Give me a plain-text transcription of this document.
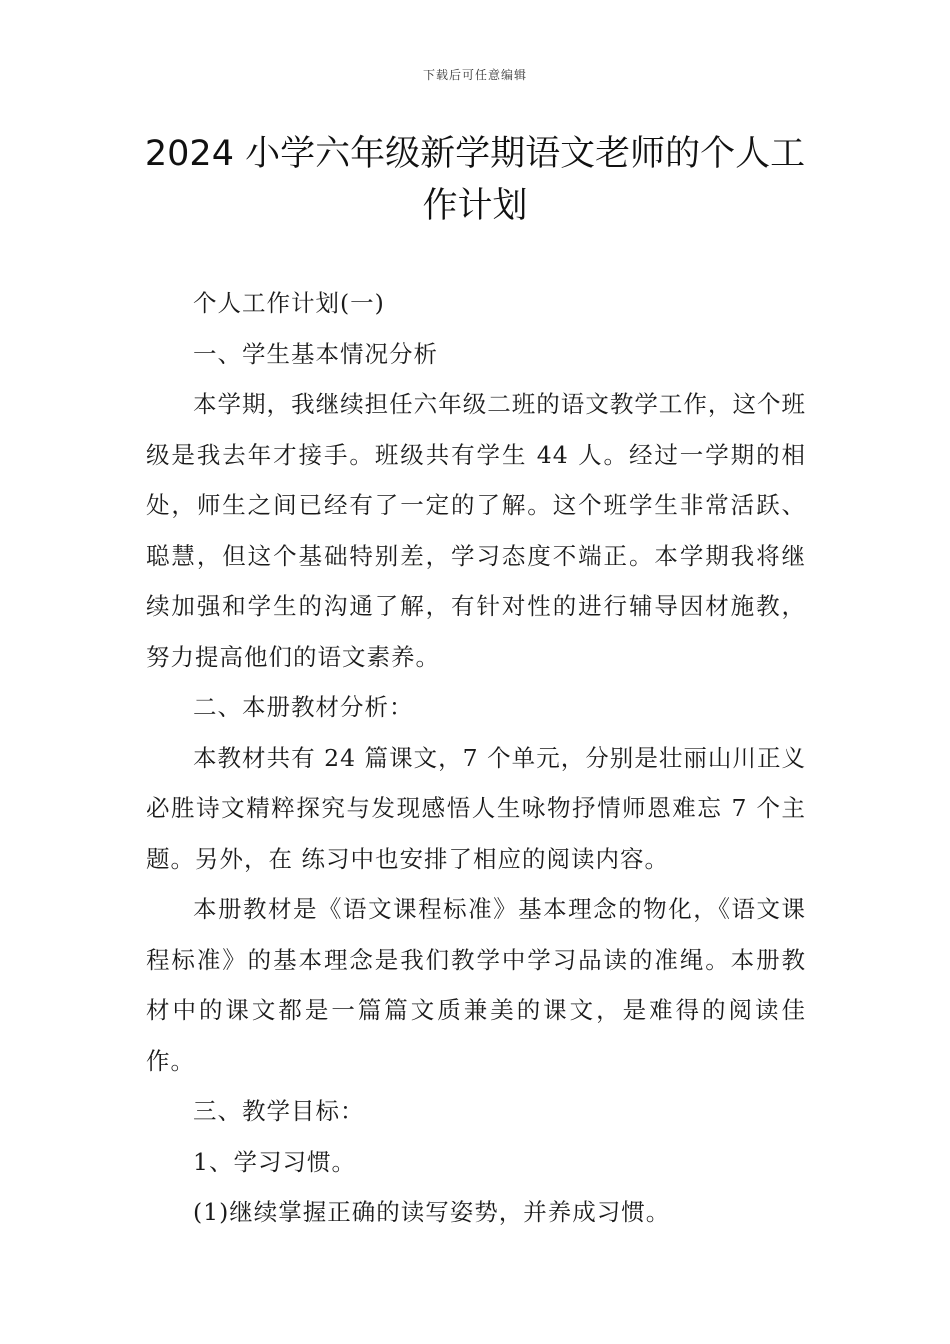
下载后可任意编辑
2024 小学六年级新学期语文老师的个人工
作计划

个人工作计划(一)

一、学生基本情况分析

本学期，我继续担任六年级二班的语文教学工作，这个班级是我去年才接手。班级共有学生 44 人。经过一学期的相处，师生之间已经有了一定的了解。这个班学生非常活跃、聪慧，但这个基础特别差，学习态度不端正。本学期我将继续加强和学生的沟通了解，有针对性的进行辅导因材施教，努力提高他们的语文素养。

二、本册教材分析：

本教材共有 24 篇课文，7 个单元，分别是壮丽山川正义必胜诗文精粹探究与发现感悟人生咏物抒情师恩难忘 7 个主题。另外，在 练习中也安排了相应的阅读内容。

本册教材是《语文课程标准》基本理念的物化，《语文课程标准》的基本理念是我们教学中学习品读的准绳。本册教材中的课文都是一篇篇文质兼美的课文，是难得的阅读佳作。

三、教学目标：

1、学习习惯。

(1)继续掌握正确的读写姿势，并养成习惯。
